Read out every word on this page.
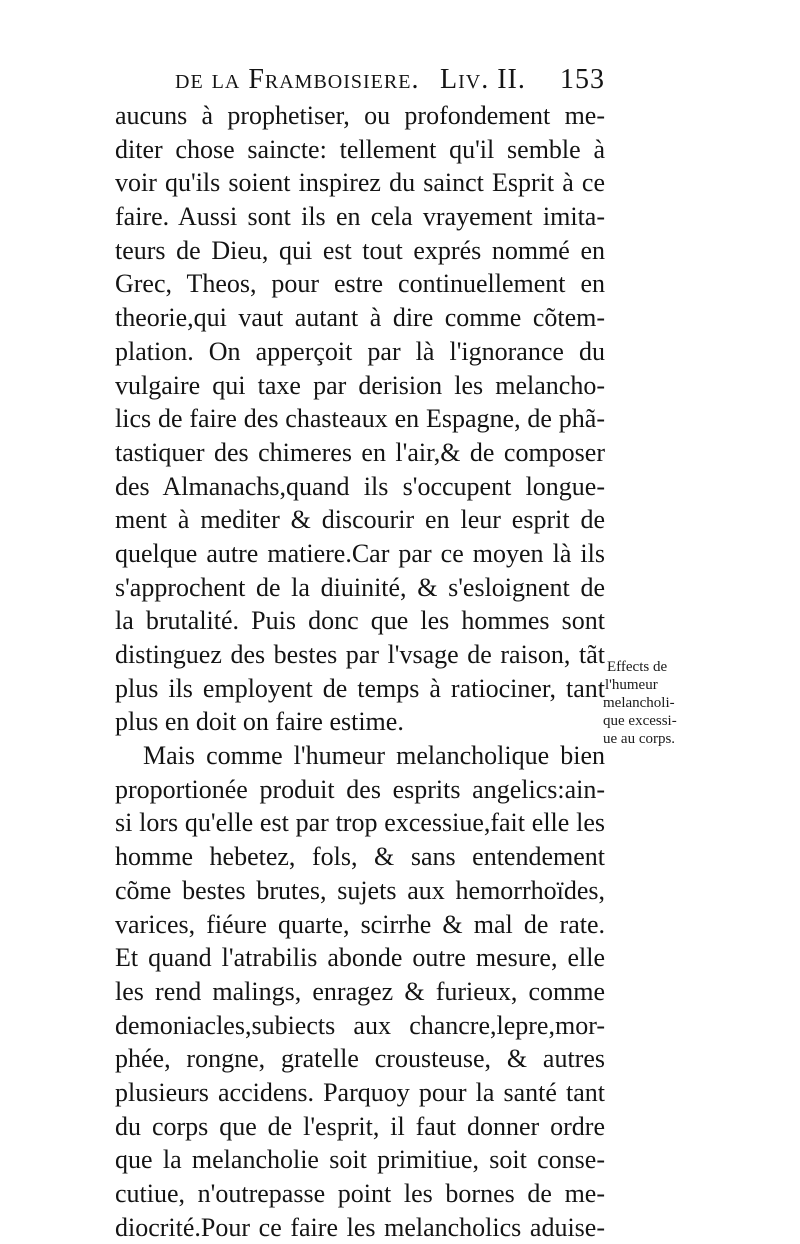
de la Framboisiere. Liv. II. 153
aucuns à prophetiser, ou profondement me-
diter chose saincte: tellement qu'il semble à
voir qu'ils soient inspirez du sainct Esprit à ce
faire. Aussi sont ils en cela vrayement imita-
teurs de Dieu, qui est tout exprés nommé en
Grec, Theos, pour estre continuellement en
theorie,qui vaut autant à dire comme cõtem-
plation. On apperçoit par là l'ignorance du
vulgaire qui taxe par derision les melancho-
lics de faire des chasteaux en Espagne, de phã-
tastiquer des chimeres en l'air,& de composer
des Almanachs,quand ils s'occupent longue-
ment à mediter & discourir en leur esprit de
quelque autre matiere.Car par ce moyen là ils
s'approchent de la diuinité, & s'esloignent de
la brutalité. Puis donc que les hommes sont
distinguez des bestes par l'vsage de raison, tãt
plus ils employent de temps à ratiociner, tant
plus en doit on faire estime.
Mais comme l'humeur melancholique bien
proportionée produit des esprits angelics:ain-
si lors qu'elle est par trop excessiue,fait elle les
homme hebetez, fols, & sans entendement
cõme bestes brutes, sujets aux hemorrhoïdes,
varices, fiéure quarte, scirrhe & mal de rate.
Et quand l'atrabilis abonde outre mesure, elle
les rend malings, enragez & furieux, comme
demoniacles,subiects aux chancre,lepre,mor-
phée, rongne, gratelle crousteuse, & autres
plusieurs accidens. Parquoy pour la santé tant
du corps que de l'esprit, il faut donner ordre
que la melancholie soit primitiue, soit conse-
cutiue, n'outrepasse point les bornes de me-
diocrité.Pour ce faire les melancholics aduise-
Effects de
l'humeur
melancholi-
que excessi-
ue au corps.
